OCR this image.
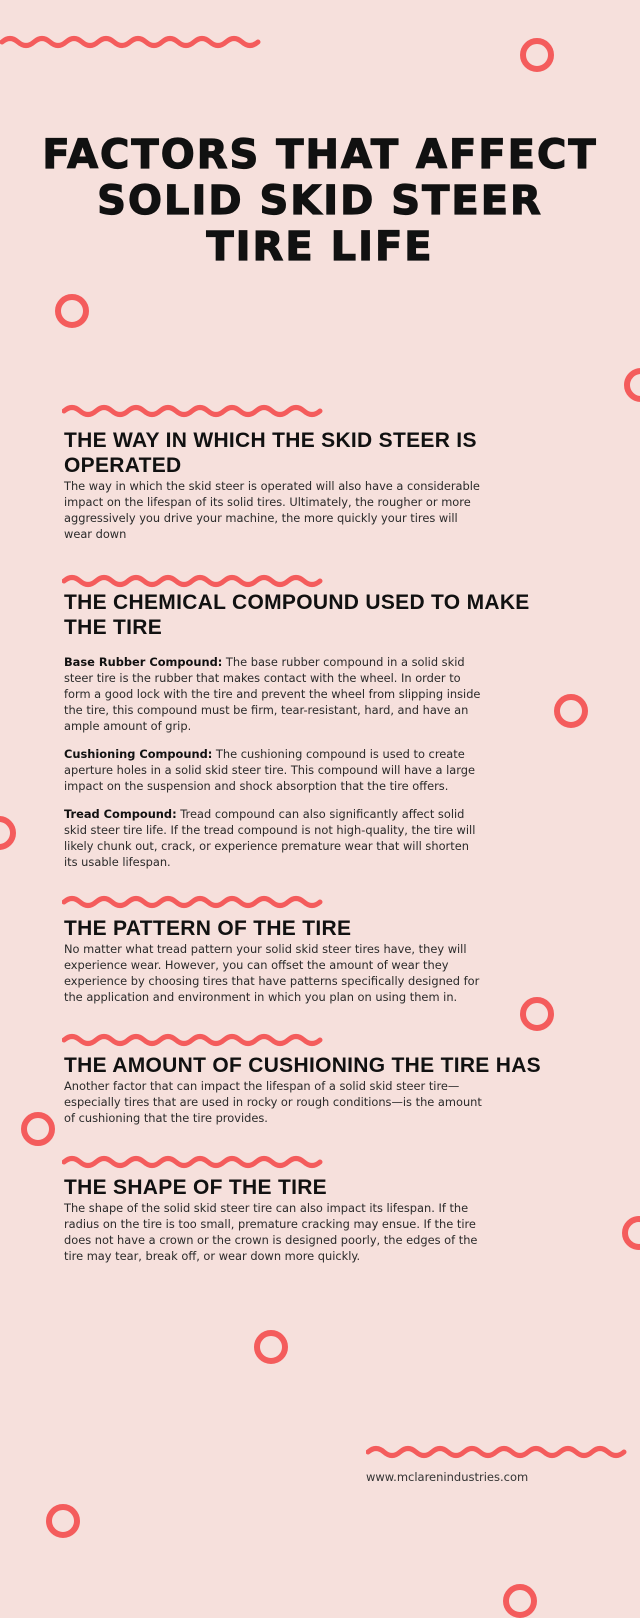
FACTORS THAT AFFECT SOLID SKID STEER TIRE LIFE
THE WAY IN WHICH THE SKID STEER IS OPERATED

The way in which the skid steer is operated will also have a considerable impact on the lifespan of its solid tires. Ultimately, the rougher or more aggressively you drive your machine, the more quickly your tires will wear down

THE CHEMICAL COMPOUND USED TO MAKE THE TIRE

Base Rubber Compound: The base rubber compound in a solid skid steer tire is the rubber that makes contact with the wheel. In order to form a good lock with the tire and prevent the wheel from slipping inside the tire, this compound must be firm, tear-resistant, hard, and have an ample amount of grip.

Cushioning Compound: The cushioning compound is used to create aperture holes in a solid skid steer tire. This compound will have a large impact on the suspension and shock absorption that the tire offers.

Tread Compound: Tread compound can also significantly affect solid skid steer tire life. If the tread compound is not high-quality, the tire will likely chunk out, crack, or experience premature wear that will shorten its usable lifespan.

THE PATTERN OF THE TIRE

No matter what tread pattern your solid skid steer tires have, they will experience wear. However, you can offset the amount of wear they experience by choosing tires that have patterns specifically designed for the application and environment in which you plan on using them in.

THE AMOUNT OF CUSHIONING THE TIRE HAS

Another factor that can impact the lifespan of a solid skid steer tire—especially tires that are used in rocky or rough conditions—is the amount of cushioning that the tire provides.

THE SHAPE OF THE TIRE

The shape of the solid skid steer tire can also impact its lifespan. If the radius on the tire is too small, premature cracking may ensue. If the tire does not have a crown or the crown is designed poorly, the edges of the tire may tear, break off, or wear down more quickly.

www.mclarenindustries.com
